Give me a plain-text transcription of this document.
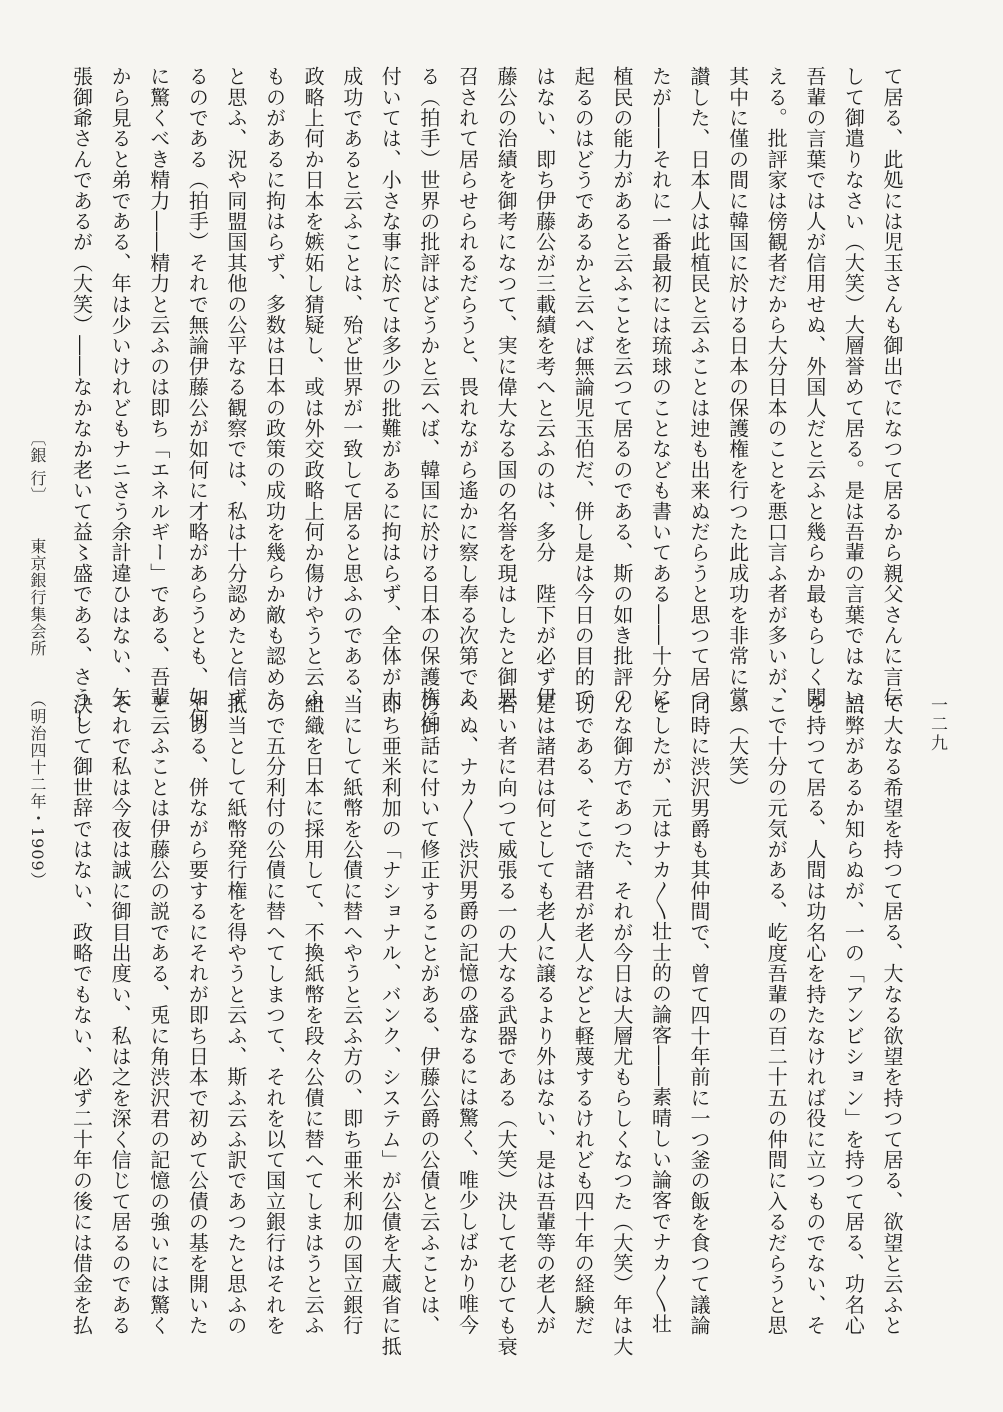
て居る、此処には児玉さんも御出でになつて居るから親父さんに言伝
して御遣りなさい（大笑）大層誉めて居る。是は吾輩の言葉ではない、
吾輩の言葉では人が信用せぬ、外国人だと云ふと幾らか最もらしく聞
える。批評家は傍観者だから大分日本のことを悪口言ふ者が多いが、
其中に僅の間に韓国に於ける日本の保護権を行つた此成功を非常に賞
讃した、日本人は此植民と云ふことは迚も出来ぬだらうと思つて居つ
たが――それに一番最初には琉球のことなども書いてある――十分に
植民の能力があると云ふことを云つて居るのである、斯の如き批評の
起るのはどうであるかと云へば無論児玉伯だ、併し是は今日の目的で
はない、即ち伊藤公が三載績を考へと云ふのは、多分　陛下が必ず伊
藤公の治績を御考になつて、実に偉大なる国の名誉を現はしたと御思
召されて居らせられるだらうと、畏れながら遙かに察し奉る次第であ
る（拍手）世界の批評はどうかと云へば、韓国に於ける日本の保護権に
付いては、小さな事に於ては多少の批難があるに拘はらず、全体が大
成功であると云ふことは、殆ど世界が一致して居ると思ふのである、
政略上何か日本を嫉妬し猜疑し、或は外交政略上何か傷けやうと云ふ
ものがあるに拘はらず、多数は日本の政策の成功を幾らか敵も認めた
と思ふ、況や同盟国其他の公平なる観察では、私は十分認めたと信ず
るのである（拍手）それで無論伊藤公が如何に才略があらうとも、如何
に驚くべき精力――精力と云ふのは即ち「エネルギー」である、吾輩
から見ると弟である、年は少いけれどもナニさう余計違ひはない、矢
張御爺さんであるが（大笑）――なかなか老いて益〻盛である、さうし
て大なる希望を持つて居る、大なる欲望を持つて居る、欲望と云ふと
語弊があるか知らぬが、一の「アンビション」を持つて居る、功名心
を持つて居る、人間は功名心を持たなければ役に立つものでない、そ
こで十分の元気がある、屹度吾輩の百二十五の仲間に入るだらうと思
ふ（大笑）
同時に渋沢男爵も其仲間で、曾て四十年前に一つ釜の飯を食つて議論
をしたが、元はナカ〳〵壮士的の論客――素晴しい論客でナカ〳〵壮
んな御方であつた、それが今日は大層尤もらしくなつた（大笑）年は大
切である、そこで諸君が老人などと軽蔑するけれども四十年の経験だ
是は諸君は何としても老人に譲るより外はない、是は吾輩等の老人が
若い者に向つて威張る一の大なる武器である（大笑）決して老ひても衰
へぬ、ナカ〳〵渋沢男爵の記憶の盛なるには驚く、唯少しばかり唯今
の御話に付いて修正することがある、伊藤公爵の公債と云ふことは、
即ち亜米利加の「ナショナル、バンク、システム」が公債を大蔵省に抵
当にして紙幣を公債に替へやうと云ふ方の、即ち亜米利加の国立銀行
組織を日本に採用して、不換紙幣を段々公債に替へてしまはうと云ふ
ので五分利付の公債に替へてしまつて、それを以て国立銀行はそれを
抵当として紙幣発行権を得やうと云ふ、斯ふ云ふ訳であつたと思ふの
である、併ながら要するにそれが即ち日本で初めて公債の基を開いた
と云ふことは伊藤公の説である、兎に角渋沢君の記憶の強いには驚く
それで私は今夜は誠に御目出度い、私は之を深く信じて居るのである
決して御世辞ではない、政略でもない、必ず二十年の後には借金を払
〔銀 行〕東京銀行集会所（明治四十二年・1909）	一二九
